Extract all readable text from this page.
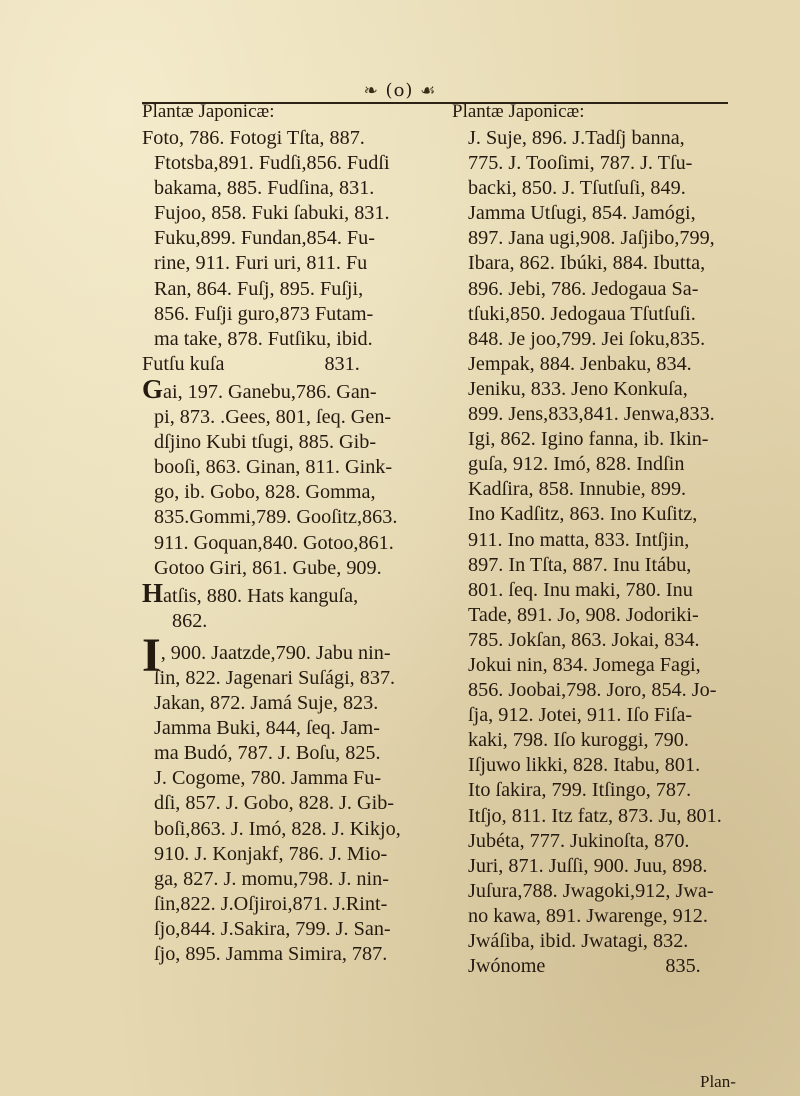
❧ (o) ☙
Plantæ Japonicæ:	Plantæ Japonicæ:
Foto, 786. Fotogi Tſta, 887.
Ftotsba,891. Fudſi,856. Fudſi
bakama, 885. Fudſina, 831.
Fujoo, 858. Fuki ſabuki, 831.
Fuku,899. Fundan,854. Fu-
rine, 911. Furi uri, 811. Fu
Ran, 864. Fuſj, 895. Fuſji,
856. Fuſji guro,873 Futam-
ma take, 878. Futſiku, ibid.
Futſu kuſa	831.
Gai, 197. Ganebu,786. Gan-
pi, 873. .Gees, 801, ſeq. Gen-
dſjino Kubi tſugi, 885. Gib-
booſi, 863. Ginan, 811. Gink-
go, ib. Gobo, 828. Gomma,
835.Gommi,789. Gooſitz,863.
911. Goquan,840. Gotoo,861.
Gotoo Giri, 861. Gube, 909.
Hatſis, 880. Hats kanguſa,
862.
I, 900. Jaatzde,790. Jabu nin-
ſin, 822. Jagenari Suſági, 837.
Jakan, 872. Jamá Suje, 823.
Jamma Buki, 844, ſeq. Jam-
ma Budó, 787. J. Boſu, 825.
J. Cogome, 780. Jamma Fu-
dſi, 857. J. Gobo, 828. J. Gib-
boſi,863. J. Imó, 828. J. Kikjo,
910. J. Konjakf, 786. J. Mio-
ga, 827. J. momu,798. J. nin-
ſin,822. J.Oſjiroi,871. J.Rint-
ſjo,844. J.Sakira, 799. J. San-
ſjo, 895. Jamma Simira, 787.
J. Suje, 896. J.Tadſj banna,
775. J. Tooſimi, 787. J. Tſu-
backi, 850. J. Tſutſuſi, 849.
Jamma Utſugi, 854. Jamógi,
897. Jana ugi,908. Jaſjibo,799,
Ibara, 862. Ibúki, 884. Ibutta,
896. Jebi, 786. Jedogaua Sa-
tſuki,850. Jedogaua Tſutſuſi.
848. Je joo,799. Jei ſoku,835.
Jempak, 884. Jenbaku, 834.
Jeniku, 833. Jeno Konkuſa,
899. Jens,833,841. Jenwa,833.
Igi, 862. Igino fanna, ib. Ikin-
guſa, 912. Imó, 828. Indſin
Kadſira, 858. Innubie, 899.
Ino Kadſitz, 863. Ino Kuſitz,
911. Ino matta, 833. Intſjin,
897. In Tſta, 887. Inu Itábu,
801. ſeq. Inu maki, 780. Inu
Tade, 891. Jo, 908. Jodoriki-
785. Jokſan, 863. Jokai, 834.
Jokui nin, 834. Jomega Fagi,
856. Joobai,798. Joro, 854. Jo-
ſja, 912. Jotei, 911. Iſo Fiſa-
kaki, 798. Iſo kuroggi, 790.
Iſjuwo likki, 828. Itabu, 801.
Ito ſakira, 799. Itſingo, 787.
Itſjo, 811. Itz fatz, 873. Ju, 801.
Jubéta, 777. Jukinoſta, 870.
Juri, 871. Juſſi, 900. Juu, 898.
Juſura,788. Jwagoki,912, Jwa-
no kawa, 891. Jwarenge, 912.
Jwáſiba, ibid. Jwatagi, 832.
Jwónome	835.
Plan-
